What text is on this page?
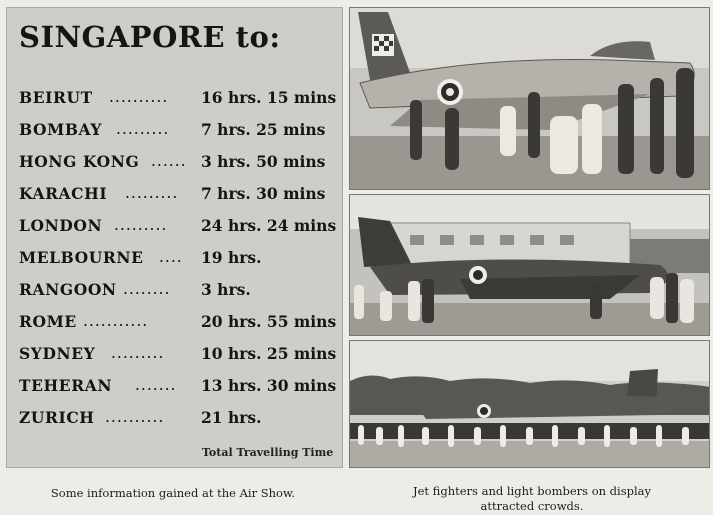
SINGAPORE to:
BEIRUT .......... 16 hrs. 15 mins
BOMBAY ......... 7 hrs. 25 mins
HONG KONG ...... 3 hrs. 50 mins
KARACHI ......... 7 hrs. 30 mins
LONDON ......... 24 hrs. 24 mins
MELBOURNE .... 19 hrs.
RANGOON ........ 3 hrs.
ROME ...........	20 hrs. 55 mins
SYDNEY ......... 10 hrs. 25 mins
TEHERAN ....... 13 hrs. 30 mins
ZURICH .......... 21 hrs.
Total Travelling Time
Some information gained at the Air Show.	Jet fighters and light bombers on display
attracted crowds.
